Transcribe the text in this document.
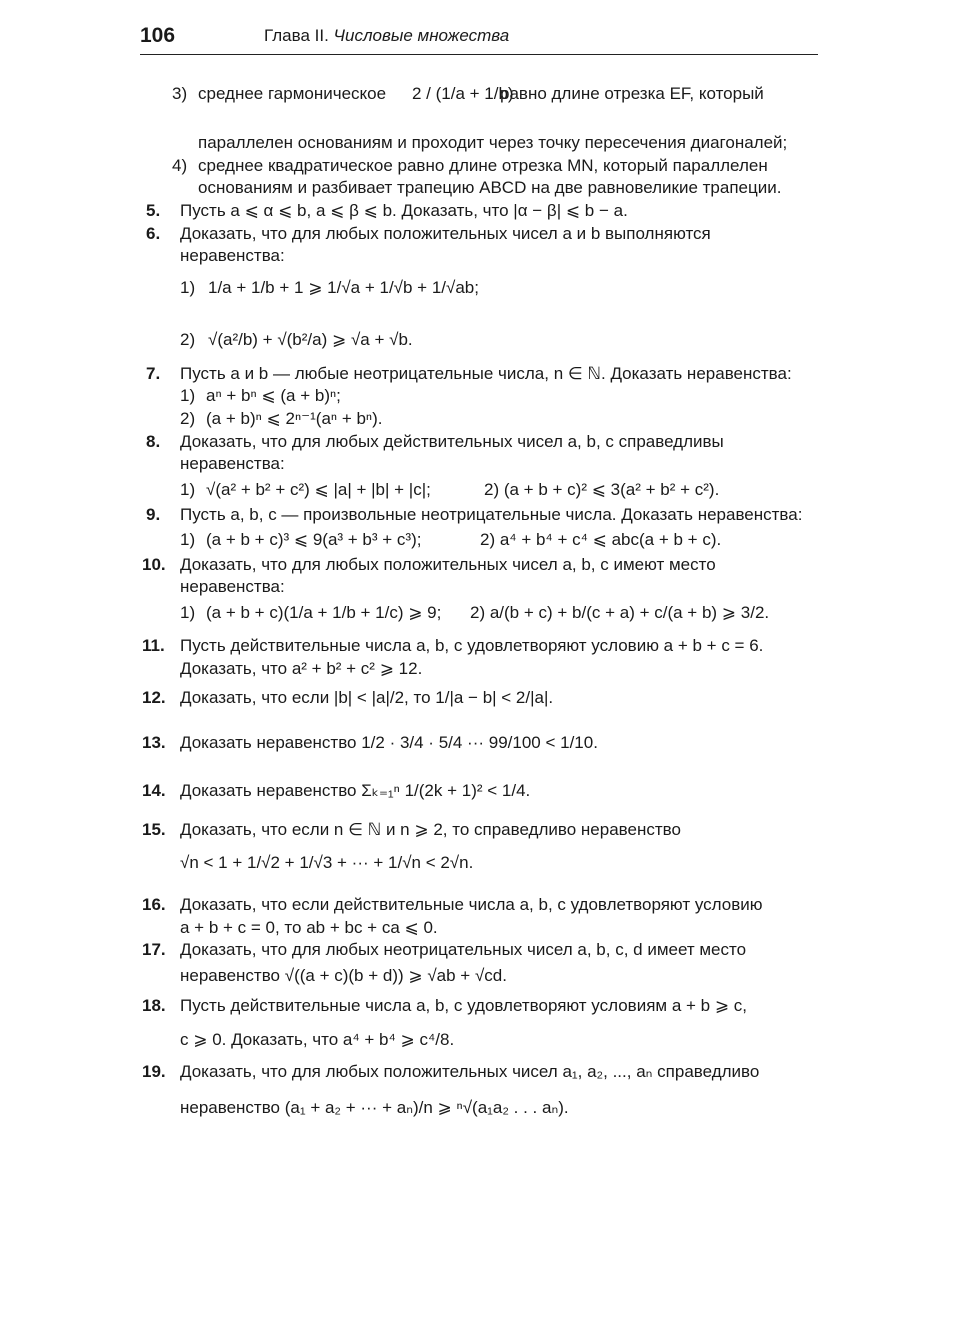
106	Глава II. Числовые множества
3) среднее гармоническое 2 / (1/a + 1/b)
равно длине отрезка EF, который
параллелен основаниям и проходит через точку пересечения диагоналей;
4) среднее квадратическое равно длине отрезка MN, который параллелен
основаниям и разбивает трапецию ABCD на две равновеликие трапеции.
5. Пусть a ⩽ α ⩽ b, a ⩽ β ⩽ b. Доказать, что |α − β| ⩽ b − a.
6. Доказать, что для любых положительных чисел a и b выполняются
неравенства:
1) 1/a + 1/b + 1 ⩾ 1/√a + 1/√b + 1/√ab;
2) √(a²/b) + √(b²/a) ⩾ √a + √b.
7. Пусть a и b — любые неотрицательные числа, n ∈ ℕ. Доказать неравенства:
1) aⁿ + bⁿ ⩽ (a + b)ⁿ;
2) (a + b)ⁿ ⩽ 2ⁿ⁻¹(aⁿ + bⁿ).
8. Доказать, что для любых действительных чисел a, b, c справедливы
неравенства:
1) √(a² + b² + c²) ⩽ |a| + |b| + |c|;	2) (a + b + c)² ⩽ 3(a² + b² + c²).
9. Пусть a, b, c — произвольные неотрицательные числа. Доказать неравенства:
1) (a + b + c)³ ⩽ 9(a³ + b³ + c³);	2) a⁴ + b⁴ + c⁴ ⩽ abc(a + b + c).
10. Доказать, что для любых положительных чисел a, b, c имеют место
неравенства:
1) (a + b + c)(1/a + 1/b + 1/c) ⩾ 9; 2) a/(b + c) + b/(c + a) + c/(a + b) ⩾ 3/2.
11. Пусть действительные числа a, b, c удовлетворяют условию a + b + c = 6.
Доказать, что a² + b² + c² ⩾ 12.
12. Доказать, что если |b| < |a|/2, то 1/|a − b| < 2/|a|.
13. Доказать неравенство 1/2 · 3/4 · 5/4 ··· 99/100 < 1/10.
14. Доказать неравенство Σₖ₌₁ⁿ 1/(2k + 1)² < 1/4.
15. Доказать, что если n ∈ ℕ и n ⩾ 2, то справедливо неравенство
√n < 1 + 1/√2 + 1/√3 + ··· + 1/√n < 2√n.
16. Доказать, что если действительные числа a, b, c удовлетворяют условию
a + b + c = 0, то ab + bc + ca ⩽ 0.
17. Доказать, что для любых неотрицательных чисел a, b, c, d имеет место
неравенство √((a + c)(b + d)) ⩾ √ab + √cd.
18. Пусть действительные числа a, b, c удовлетворяют условиям a + b ⩾ c,
c ⩾ 0. Доказать, что a⁴ + b⁴ ⩾ c⁴/8.
19. Доказать, что для любых положительных чисел a₁, a₂, ..., aₙ справедливо
неравенство (a₁ + a₂ + ··· + aₙ)/n ⩾ ⁿ√(a₁a₂ . . . aₙ).
